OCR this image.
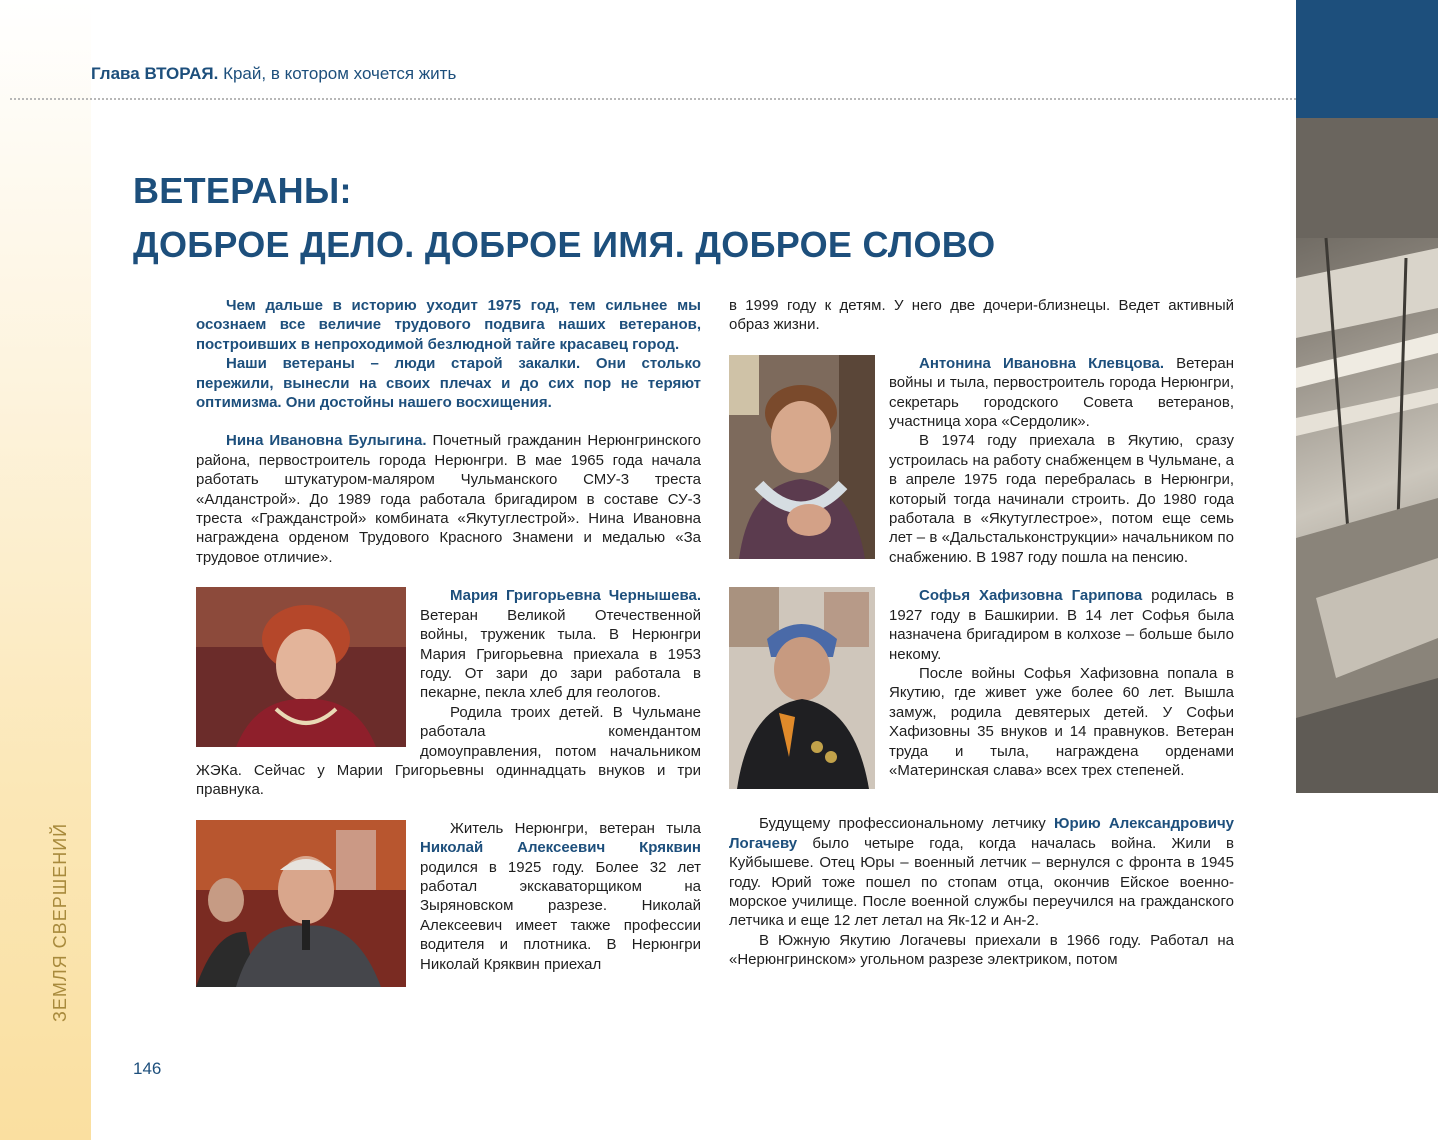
ЗЕМЛЯ СВЕРШЕНИЙ
Глава ВТОРАЯ. Край, в котором хочется жить
ВЕТЕРАНЫ:
ДОБРОЕ ДЕЛО. ДОБРОЕ ИМЯ. ДОБРОЕ СЛОВО

Чем дальше в историю уходит 1975 год, тем сильнее мы осознаем все величие трудового подвига наших ветеранов, построивших в непроходимой безлюдной тайге красавец город.

Наши ветераны – люди старой закалки. Они столько пережили, вынесли на своих плечах и до сих пор не теряют оптимизма. Они достойны нашего восхищения.

Нина Ивановна Булыгина. Почетный гражданин Нерюнгринского района, первостроитель города Нерюнгри. В мае 1965 года начала работать штукатуром-маляром Чульманского СМУ-3 треста «Алданстрой». До 1989 года работала бригадиром в составе СУ-3 треста «Гражданстрой» комбината «Якутуглестрой». Нина Ивановна награждена орденом Трудового Красного Знамени и медалью «За трудовое отличие».

Мария Григорьевна Чернышева. Ветеран Великой Отечественной войны, труженик тыла. В Нерюнгри Мария Григорьевна приехала в 1953 году. От зари до зари работала в пекарне, пекла хлеб для геологов.

Родила троих детей. В Чульмане работала комендантом домоуправления, потом начальником ЖЭКа. Сейчас у Марии Григорьевны одиннадцать внуков и три правнука.

Житель Нерюнгри, ветеран тыла Николай Алексеевич Кряквин родился в 1925 году. Более 32 лет работал экскаваторщиком на Зыряновском разрезе. Николай Алексеевич имеет также професcии водителя и плотника. В Нерюнгри Николай Кряквин приехал

в 1999 году к детям. У него две дочери-близнецы. Ведет активный образ жизни.

Антонина Ивановна Клевцова. Ветеран войны и тыла, первостроитель города Нерюнгри, секретарь городского Совета ветеранов, участница хора «Сердолик».

В 1974 году приехала в Якутию, сразу устроилась на работу снабженцем в Чульмане, а в апреле 1975 года перебралась в Нерюнгри, который тогда начинали строить. До 1980 года работала в «Якутуглестрое», потом еще семь лет – в «Дальстальконструкции» начальником по снабжению. В 1987 году пошла на пенсию.

Софья Хафизовна Гарипова родилась в 1927 году в Башкирии. В 14 лет Софья была назначена бригадиром в колхозе – больше было некому.

После войны Софья Хафизовна попала в Якутию, где живет уже более 60 лет. Вышла замуж, родила девятерых детей. У Софьи Хафизовны 35 внуков и 14 правнуков. Ветеран труда и тыла, награждена орденами «Материнская слава» всех трех степеней.

Будущему профессиональному летчику Юрию Александровичу Логачеву было четыре года, когда началась война. Жили в Куйбышеве. Отец Юры – военный летчик – вернулся с фронта в 1945 году. Юрий тоже пошел по стопам отца, окончив Ейское военно-морское училище. После военной службы переучился на гражданского летчика и еще 12 лет летал на Як-12 и Ан-2.

В Южную Якутию Логачевы приехали в 1966 году. Работал на «Нерюнгринском» угольном разрезе электриком, потом

146
